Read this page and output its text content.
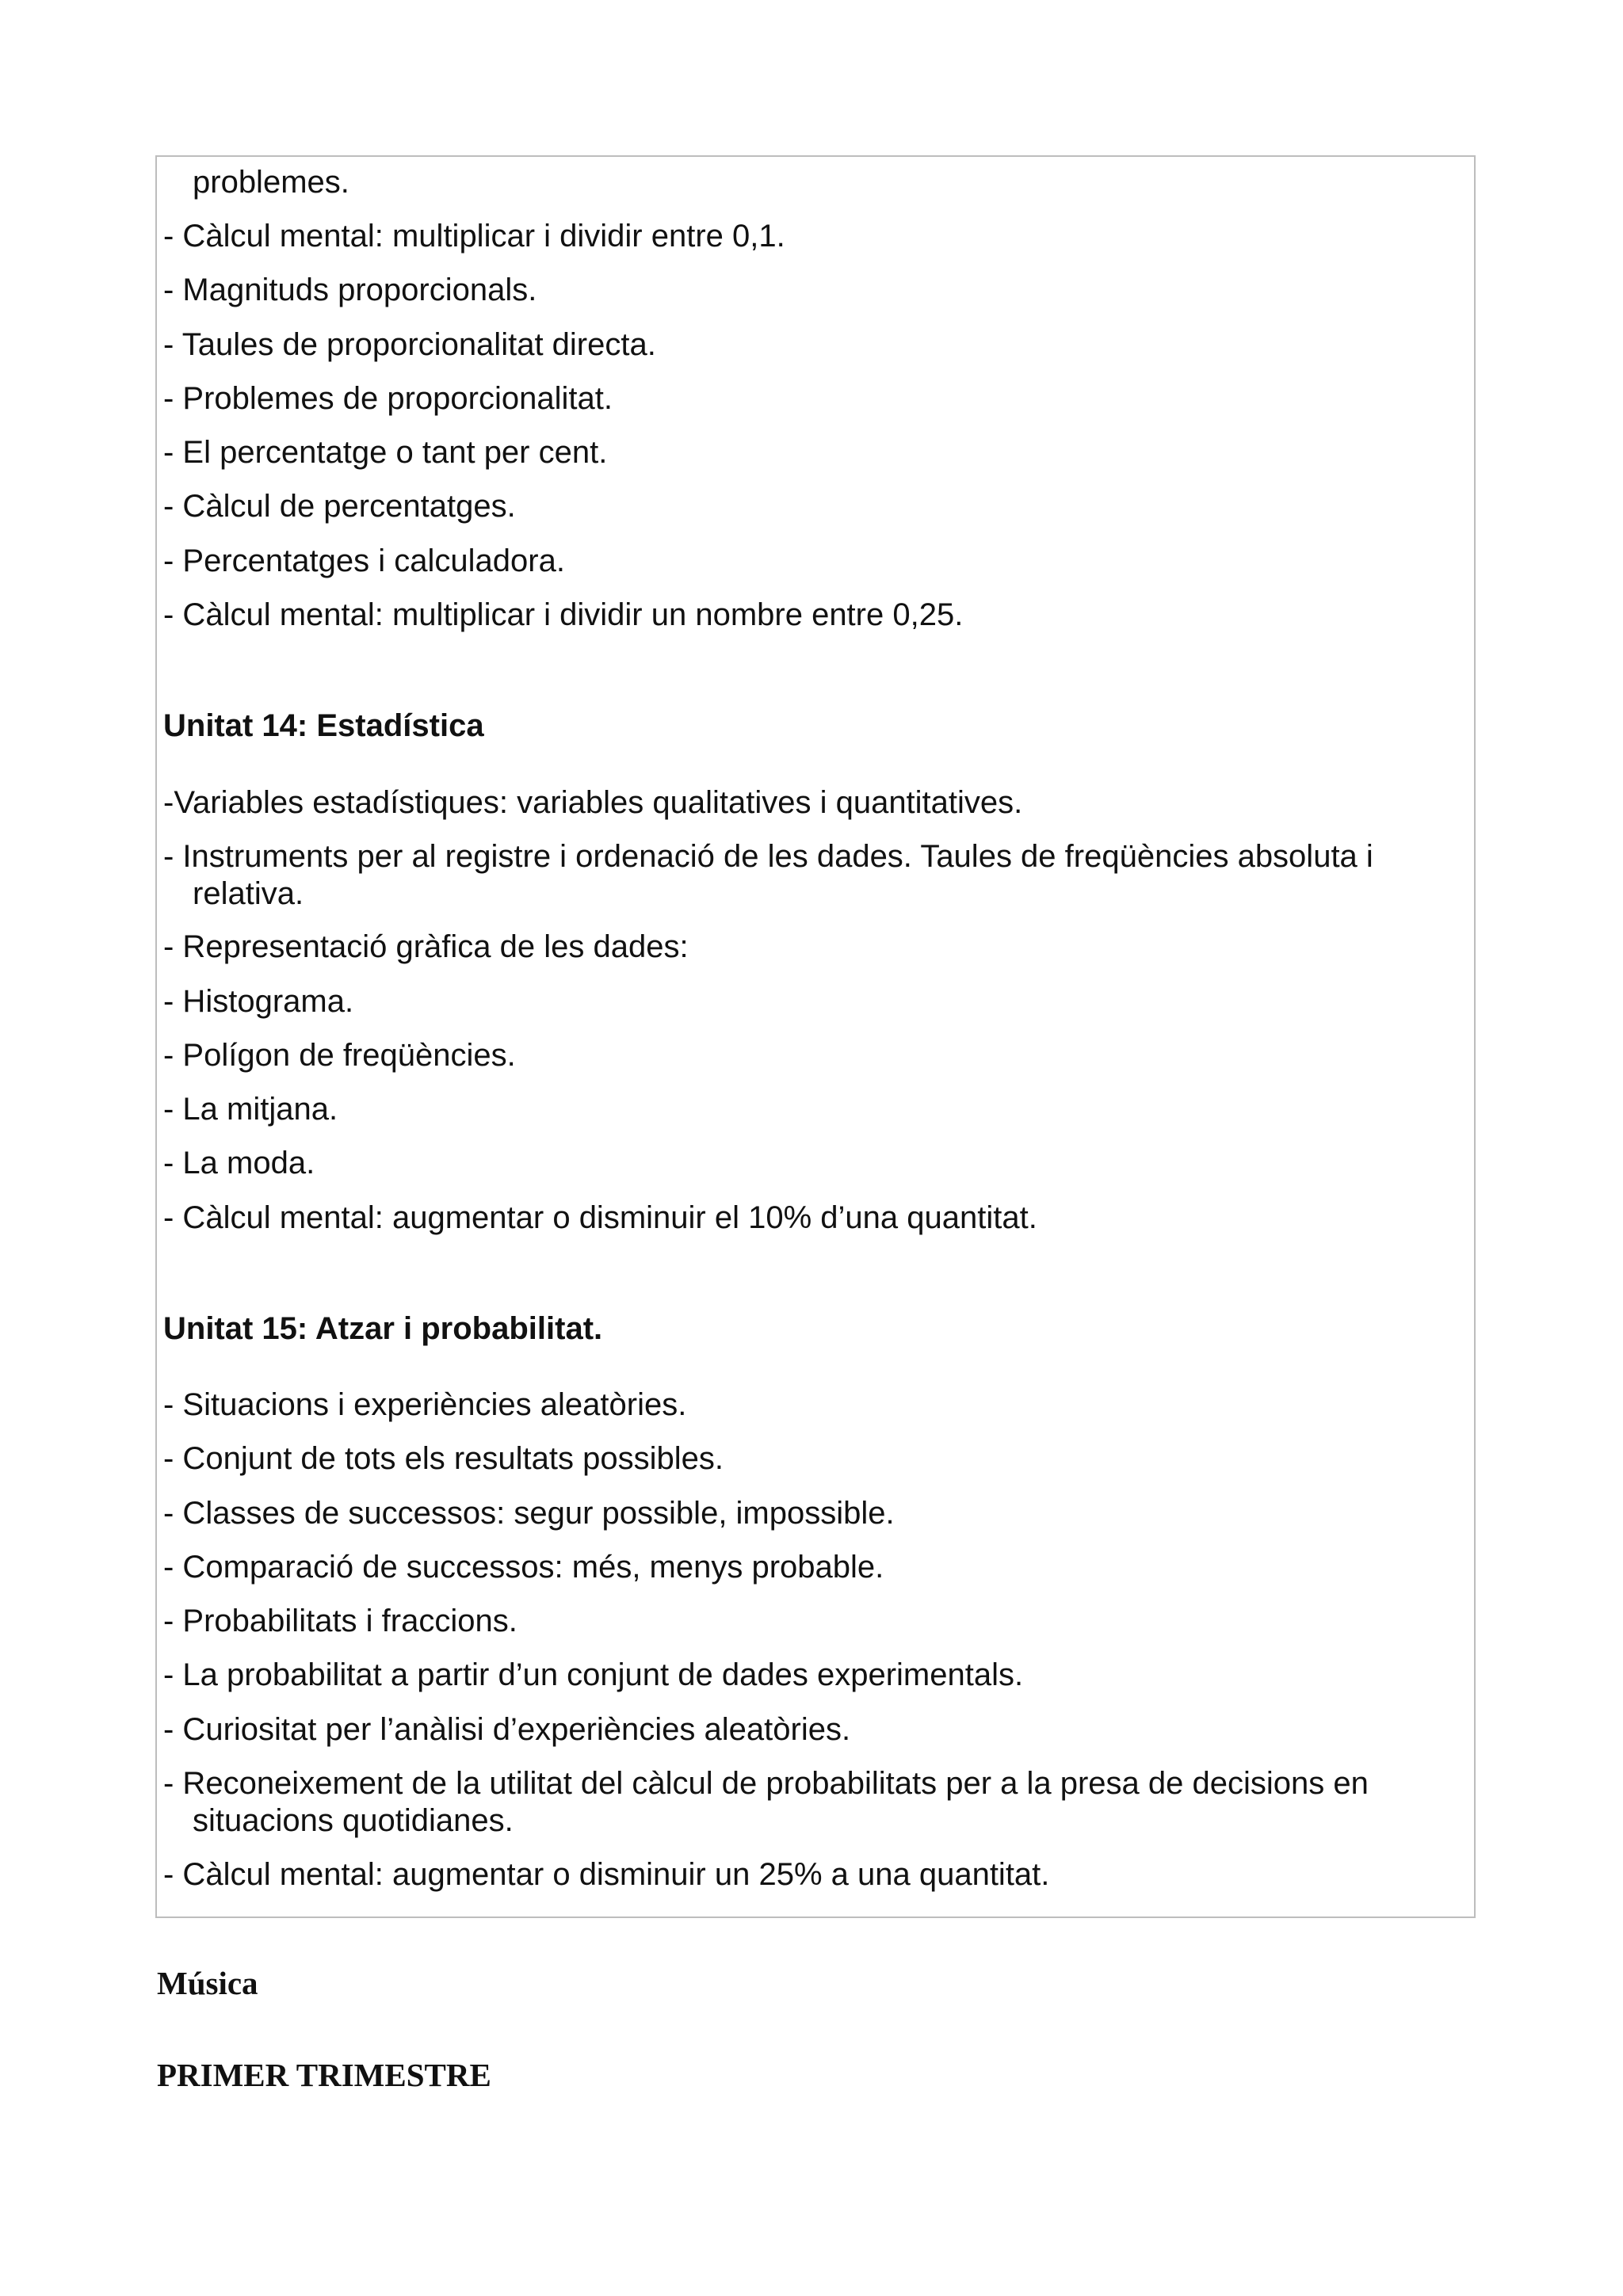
problemes.
- Càlcul mental: multiplicar i dividir entre 0,1.
- Magnituds proporcionals.
- Taules de proporcionalitat directa.
- Problemes de proporcionalitat.
- El percentatge o tant per cent.
- Càlcul de percentatges.
- Percentatges i calculadora.
- Càlcul mental: multiplicar i dividir un nombre entre 0,25.
Unitat 14: Estadística
-Variables estadístiques: variables qualitatives i quantitatives.
- Instruments per al registre i ordenació de les dades. Taules de freqüències absoluta i
relativa.
- Representació gràfica de les dades:
- Histograma.
- Polígon de freqüències.
- La mitjana.
- La moda.
- Càlcul mental: augmentar o disminuir el 10% d’una quantitat.
Unitat 15: Atzar i probabilitat.
- Situacions i experiències aleatòries.
- Conjunt de tots els resultats possibles.
- Classes de successos: segur possible, impossible.
- Comparació de successos: més, menys probable.
- Probabilitats i fraccions.
- La probabilitat a partir d’un conjunt de dades experimentals.
- Curiositat per l’anàlisi d’experiències aleatòries.
- Reconeixement de la utilitat del càlcul de probabilitats per a la presa de decisions en
situacions quotidianes.
- Càlcul mental: augmentar o disminuir un 25% a una quantitat.
Música
PRIMER TRIMESTRE
